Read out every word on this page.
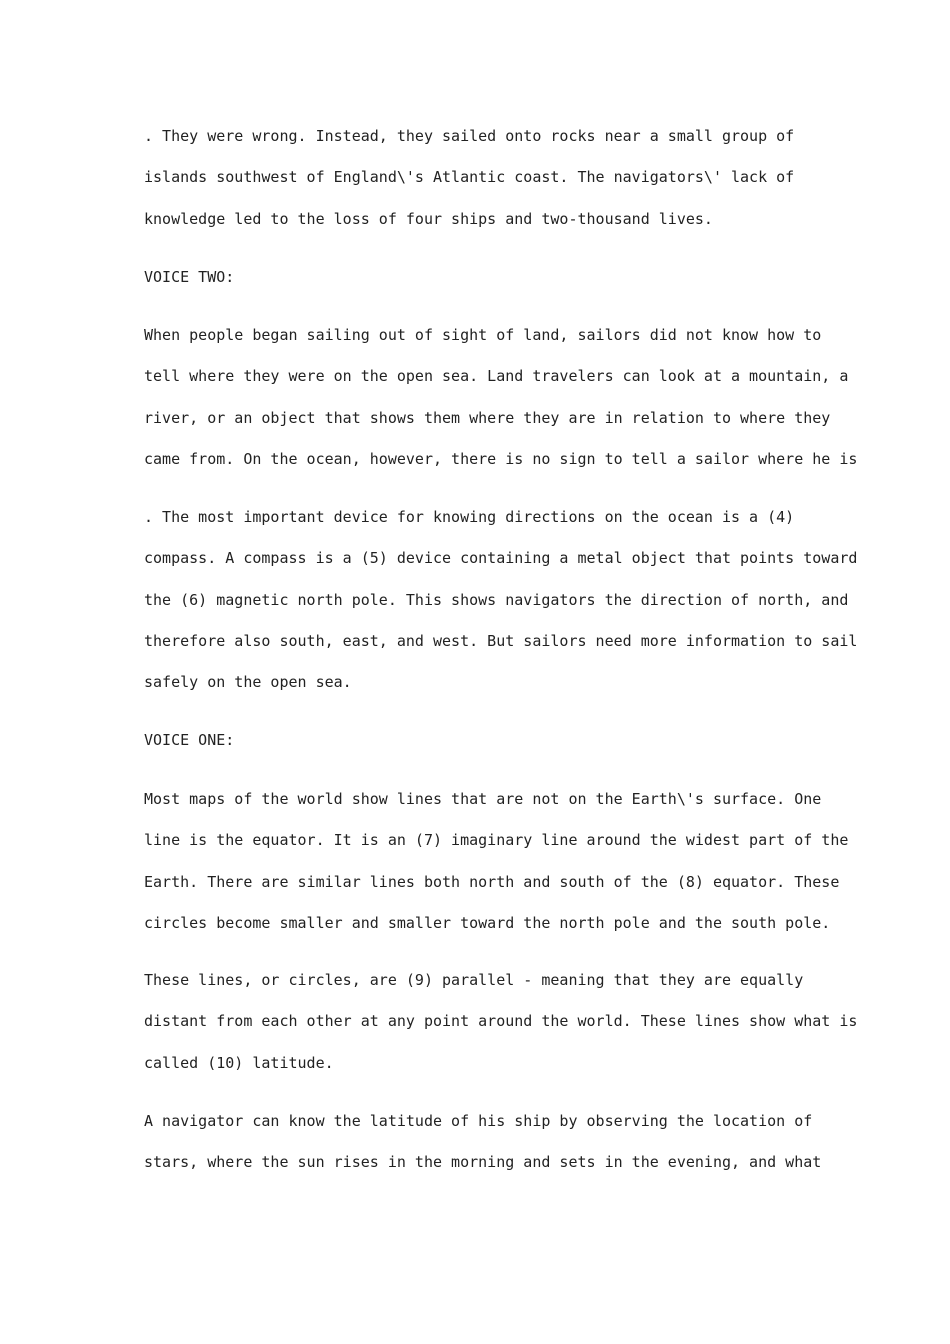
. They were wrong. Instead, they sailed onto rocks near a small group of
islands southwest of England\'s Atlantic coast. The navigators\' lack of
knowledge led to the loss of four ships and two-thousand lives.
VOICE TWO:
When people began sailing out of sight of land, sailors did not know how to
tell where they were on the open sea. Land travelers can look at a mountain, a
river, or an object that shows them where they are in relation to where they
came from. On the ocean, however, there is no sign to tell a sailor where he is
. The most important device for knowing directions on the ocean is a (4)
compass. A compass is a (5) device containing a metal object that points toward
the (6) magnetic north pole. This shows navigators the direction of north, and
therefore also south, east, and west. But sailors need more information to sail
safely on the open sea.
VOICE ONE:
Most maps of the world show lines that are not on the Earth\'s surface. One
line is the equator. It is an (7) imaginary line around the widest part of the
Earth. There are similar lines both north and south of the (8) equator. These
circles become smaller and smaller toward the north pole and the south pole.
These lines, or circles, are (9) parallel - meaning that they are equally
distant from each other at any point around the world. These lines show what is
called (10) latitude.
A navigator can know the latitude of his ship by observing the location of
stars, where the sun rises in the morning and sets in the evening, and what
